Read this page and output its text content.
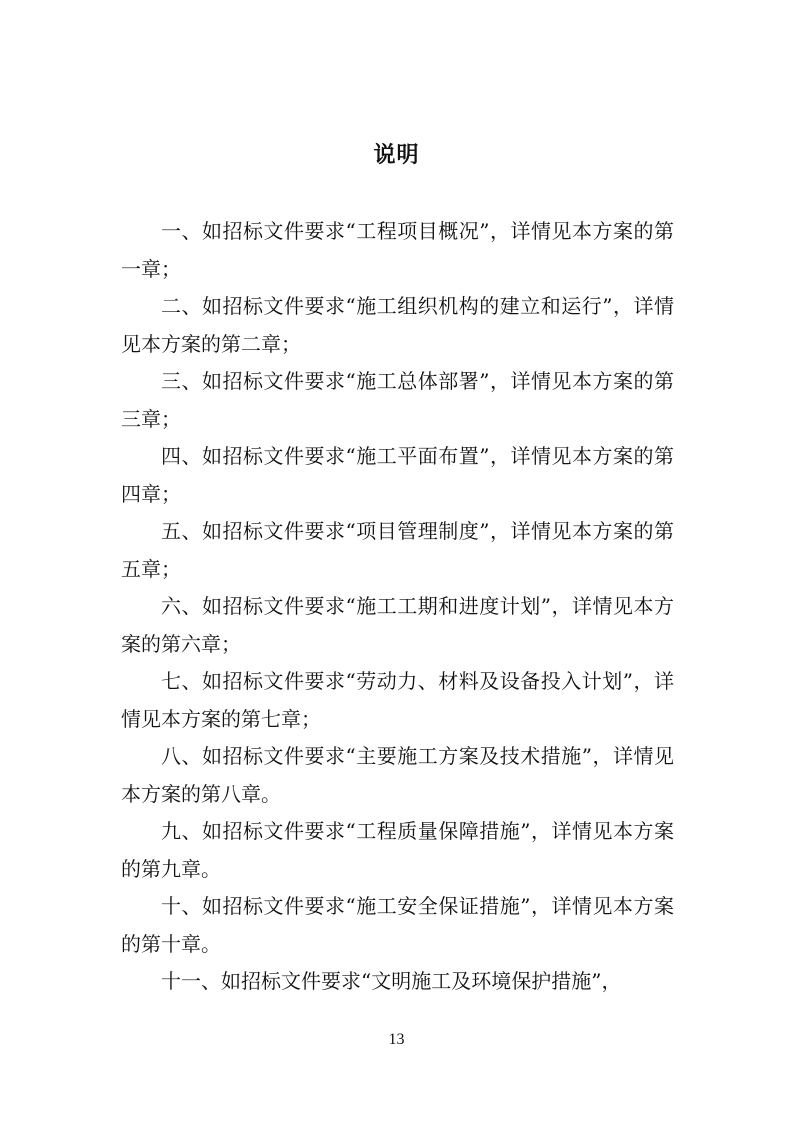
说明

一、如招标文件要求“工程项目概况”，详情见本方案的第一章；

二、如招标文件要求“施工组织机构的建立和运行”，详情见本方案的第二章；

三、如招标文件要求“施工总体部署”，详情见本方案的第三章；

四、如招标文件要求“施工平面布置”，详情见本方案的第四章；

五、如招标文件要求“项目管理制度”，详情见本方案的第五章；

六、如招标文件要求“施工工期和进度计划”，详情见本方案的第六章；

七、如招标文件要求“劳动力、材料及设备投入计划”，详情见本方案的第七章；

八、如招标文件要求“主要施工方案及技术措施”，详情见本方案的第八章。

九、如招标文件要求“工程质量保障措施”，详情见本方案的第九章。

十、如招标文件要求“施工安全保证措施”，详情见本方案的第十章。

十一、如招标文件要求“文明施工及环境保护措施”，

13
